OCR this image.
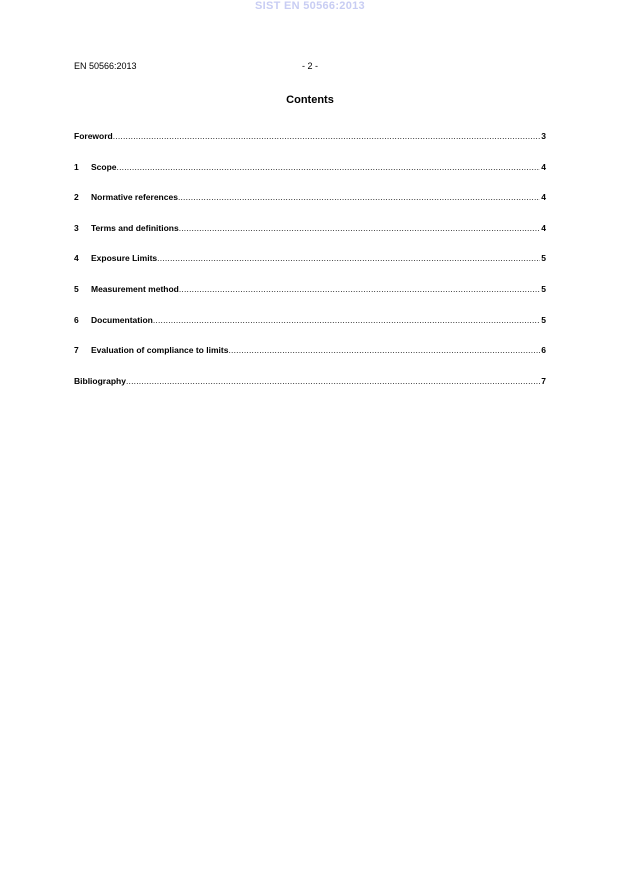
SIST EN 50566:2013
EN 50566:2013	- 2 -
Contents
Foreword .....	3
1	Scope .....	4
2	Normative references .....	4
3	Terms and definitions .....	4
4	Exposure Limits .....	5
5	Measurement method .....	5
6	Documentation .....	5
7	Evaluation of compliance to limits .....	6
Bibliography .....	7
